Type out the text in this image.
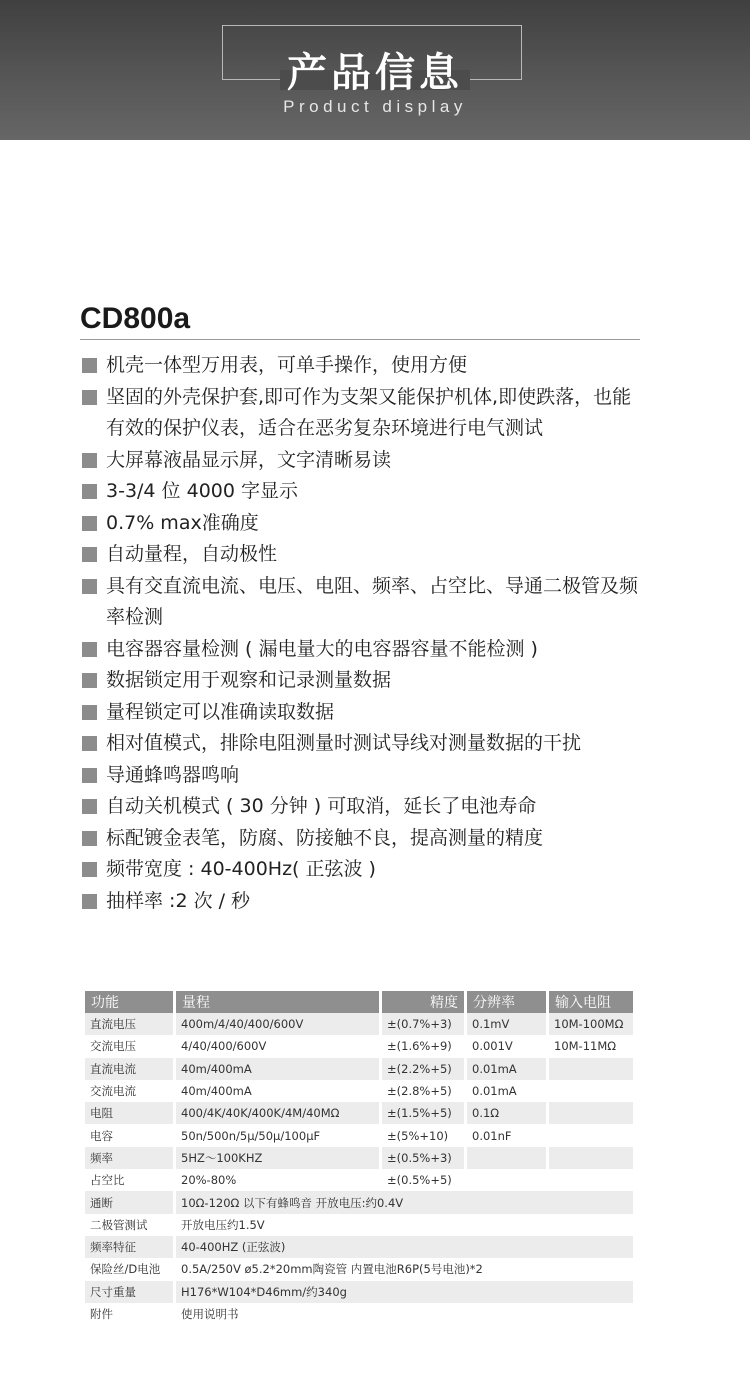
产品信息
Product display
CD800a
机壳一体型万用表，可单手操作，使用方便
坚固的外壳保护套,即可作为支架又能保护机体,即使跌落，也能有效的保护仪表，适合在恶劣复杂环境进行电气测试
大屏幕液晶显示屏，文字清晰易读
3-3/4 位 4000 字显示
0.7% max准确度
自动量程，自动极性
具有交直流电流、电压、电阻、频率、占空比、导通二极管及频率检测
电容器容量检测 ( 漏电量大的电容器容量不能检测 )
数据锁定用于观察和记录测量数据
量程锁定可以准确读取数据
相对值模式，排除电阻测量时测试导线对测量数据的干扰
导通蜂鸣器鸣响
自动关机模式 ( 30 分钟 ) 可取消，延长了电池寿命
标配镀金表笔，防腐、防接触不良，提高测量的精度
频带宽度 : 40-400Hz( 正弦波 )
抽样率 :2 次 / 秒
功能	量程	精度	分辨率	输入电阻
直流电压	400m/4/40/400/600V	±(0.7%+3)	0.1mV	10M-100MΩ
交流电压	4/40/400/600V	±(1.6%+9)	0.001V	10M-11MΩ
直流电流	40m/400mA	±(2.2%+5)	0.01mA	
交流电流	40m/400mA	±(2.8%+5)	0.01mA	
电阻	400/4K/40K/400K/4M/40MΩ	±(1.5%+5)	0.1Ω	
电容	50n/500n/5μ/50μ/100μF	±(5%+10)	0.01nF	
频率	5HZ～100KHZ	±(0.5%+3)		
占空比	20%-80%	±(0.5%+5)		
通断	10Ω-120Ω 以下有蜂鸣音 开放电压:约0.4V			
二极管测试	开放电压约1.5V			
频率特征	40-400HZ (正弦波)			
保险丝/D电池	0.5A/250V ø5.2*20mm陶瓷管 内置电池R6P(5号电池)*2			
尺寸重量	H176*W104*D46mm/约340g			
附件	使用说明书			
